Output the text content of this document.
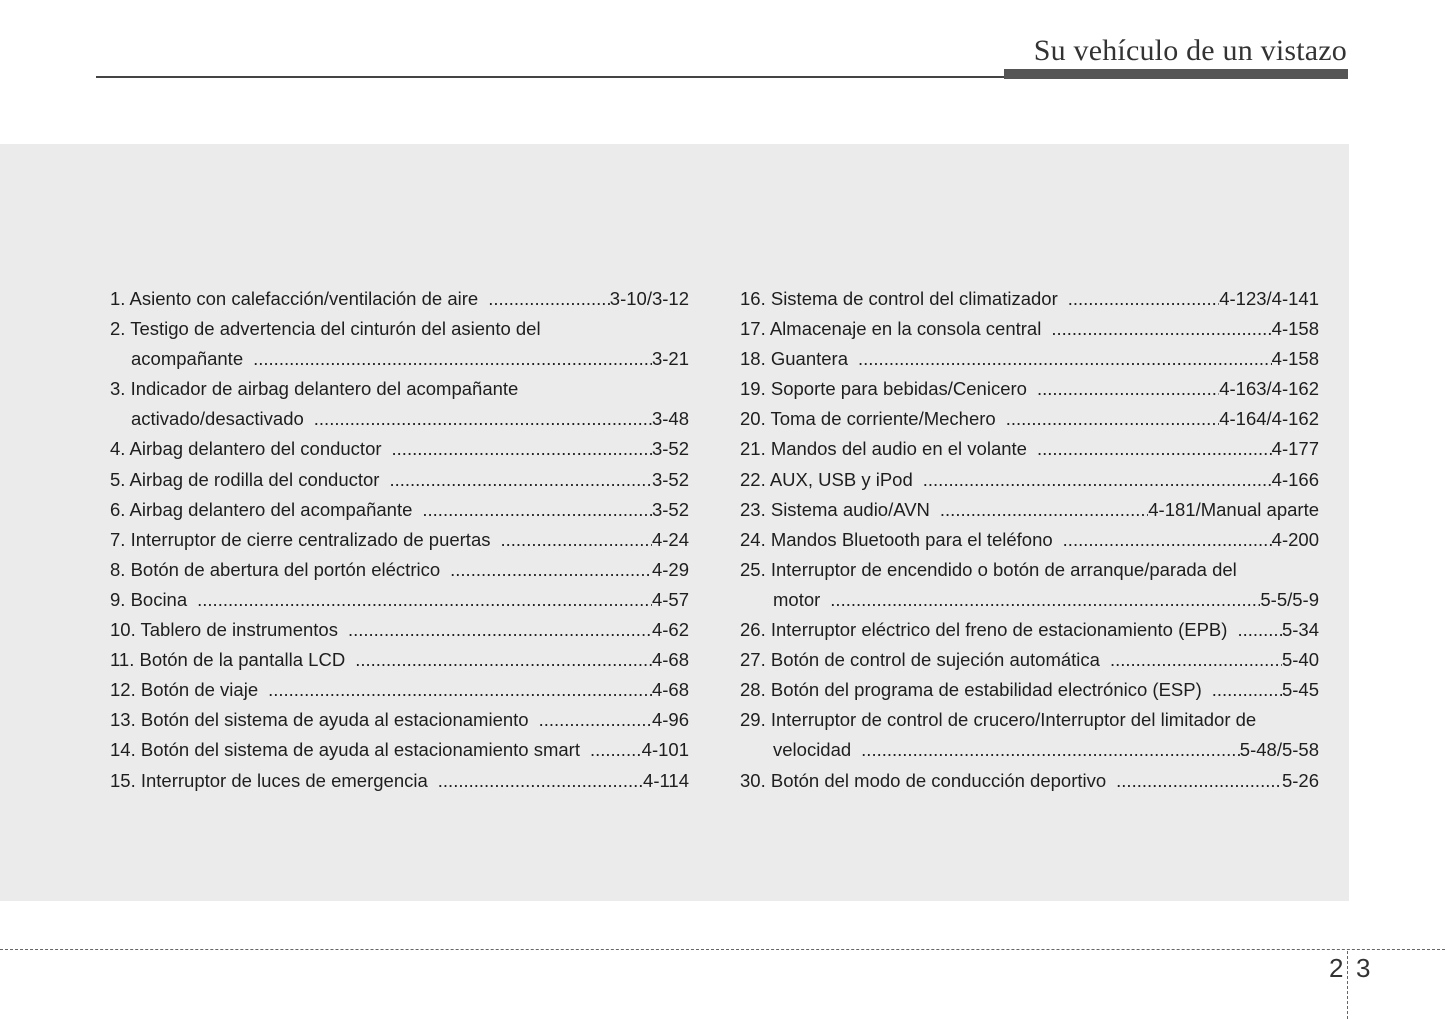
Su vehículo de un vistazo
1. Asiento con calefacción/ventilación de aire .....	3-10/3-12
2. Testigo de advertencia del cinturón del asiento del
acompañante .....	3-21
3. Indicador de airbag delantero del acompañante
activado/desactivado .....	3-48
4. Airbag delantero del conductor .....	3-52
5. Airbag de rodilla del conductor .....	3-52
6. Airbag delantero del acompañante .....	3-52
7. Interruptor de cierre centralizado de puertas .....	4-24
8. Botón de abertura del portón eléctrico .....	4-29
9. Bocina .....	4-57
10. Tablero de instrumentos .....	4-62
11. Botón de la pantalla LCD .....	4-68
12. Botón de viaje .....	4-68
13. Botón del sistema de ayuda al estacionamiento .....	4-96
14. Botón del sistema de ayuda al estacionamiento smart .....	4-101
15. Interruptor de luces de emergencia .....	4-114
16. Sistema de control del climatizador .....	4-123/4-141
17. Almacenaje en la consola central .....	4-158
18. Guantera .....	4-158
19. Soporte para bebidas/Cenicero .....	4-163/4-162
20. Toma de corriente/Mechero .....	4-164/4-162
21. Mandos del audio en el volante .....	4-177
22. AUX, USB y iPod .....	4-166
23. Sistema audio/AVN .....	4-181/Manual aparte
24. Mandos Bluetooth para el teléfono .....	4-200
25. Interruptor de encendido o botón de arranque/parada del
motor .....	5-5/5-9
26. Interruptor eléctrico del freno de estacionamiento (EPB) .....	5-34
27. Botón de control de sujeción automática .....	5-40
28. Botón del programa de estabilidad electrónico (ESP) .....	5-45
29. Interruptor de control de crucero/Interruptor del limitador de
velocidad .....	5-48/5-58
30. Botón del modo de conducción deportivo .....	5-26
2 3
